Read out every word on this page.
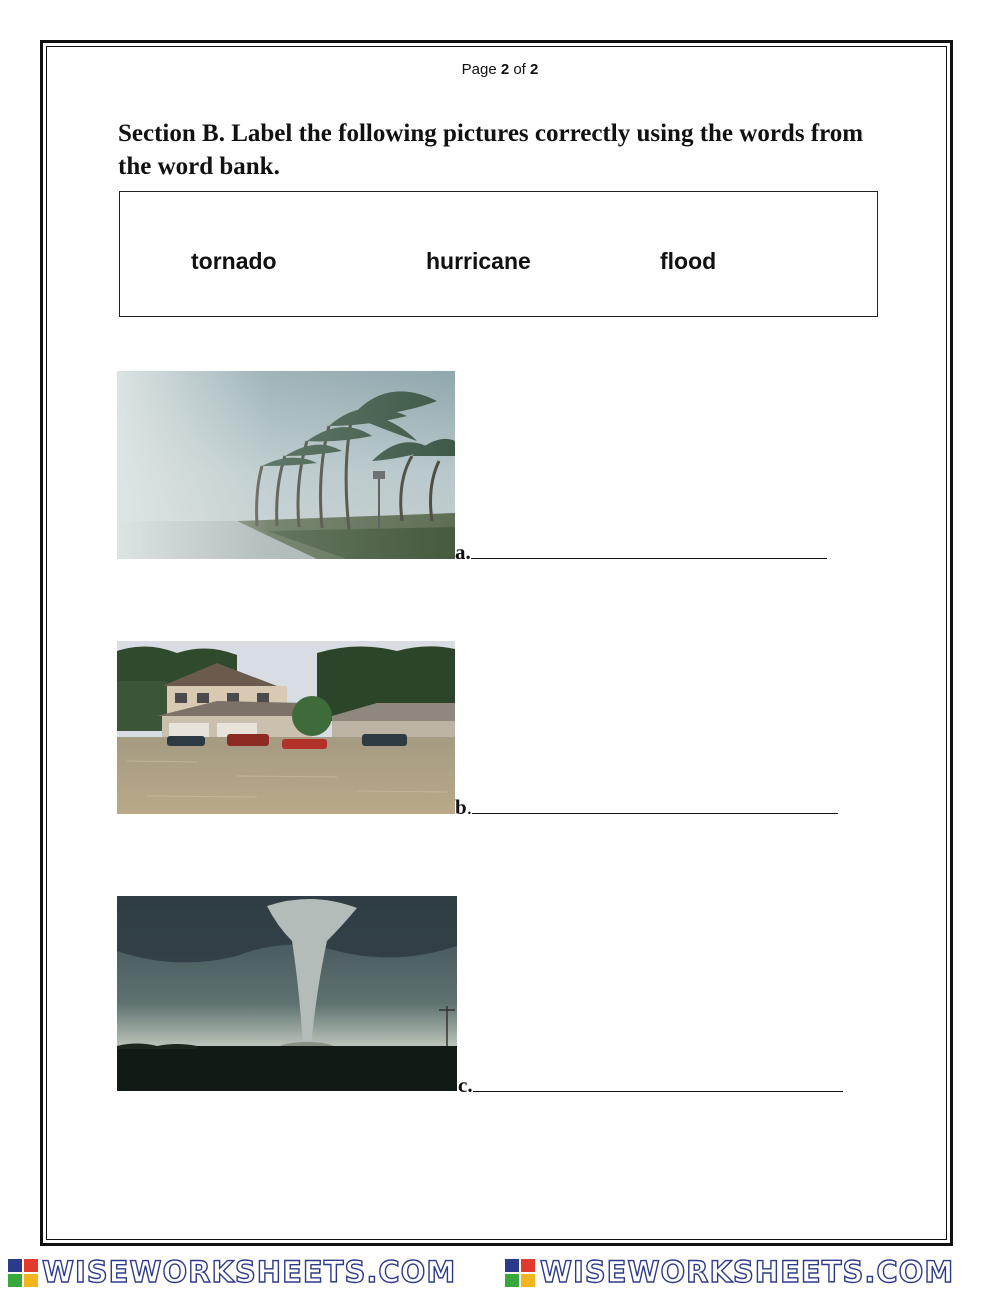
Page 2 of 2
Section B. Label the following pictures correctly using the words from the word bank.
tornado	hurricane	flood
a.
b.
c.
WISEWORKSHEETS.COM	WISEWORKSHEETS.COM
